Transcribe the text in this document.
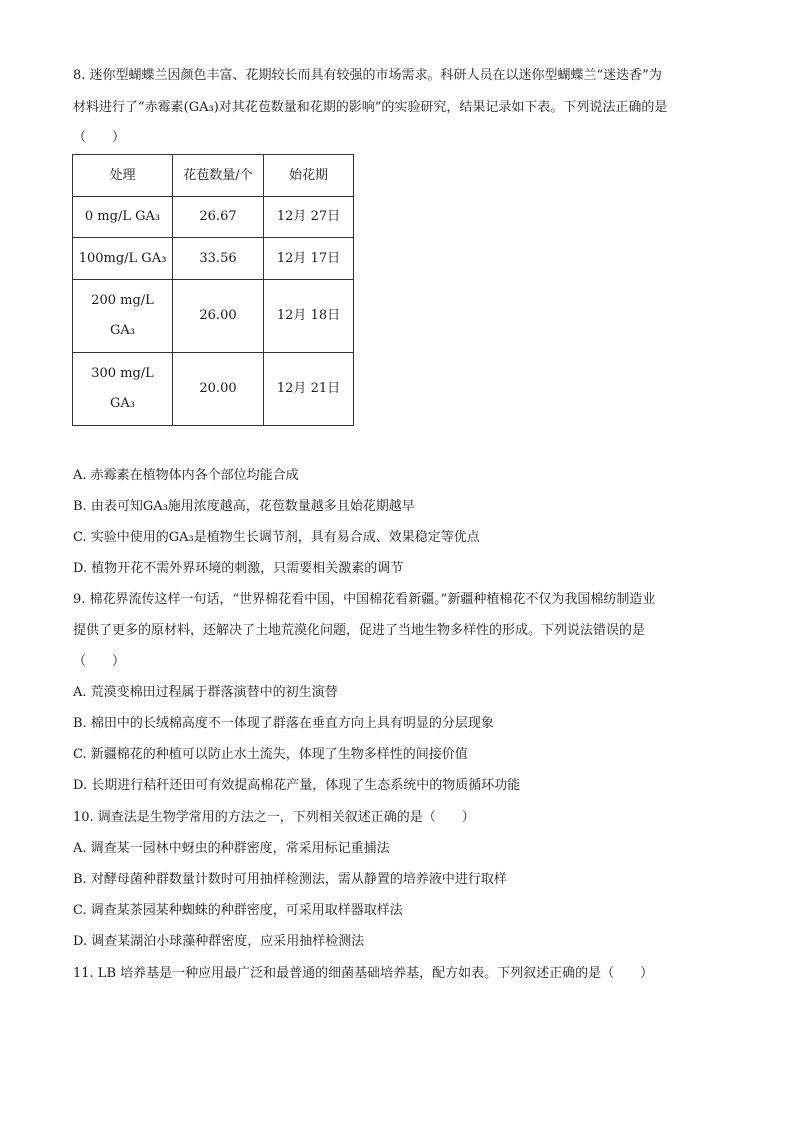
8. 迷你型蝴蝶兰因颜色丰富、花期较长而具有较强的市场需求。科研人员在以迷你型蝴蝶兰“迷迭香”为
材料进行了“赤霉素(GA₃)对其花苞数量和花期的影响”的实验研究，结果记录如下表。下列说法正确的是
（　　）
处理	花苞数量/个	始花期
0 mg/L GA₃	26.67	12月 27日
100mg/L GA₃	33.56	12月 17日

200 mg/L
GA₃	26.00	12月 18日

300 mg/L
GA₃	20.00	12月 21日
A. 赤霉素在植物体内各个部位均能合成
B. 由表可知GA₃施用浓度越高，花苞数量越多且始花期越早
C. 实验中使用的GA₃是植物生长调节剂，具有易合成、效果稳定等优点
D. 植物开花不需外界环境的刺激，只需要相关激素的调节
9. 棉花界流传这样一句话，“世界棉花看中国，中国棉花看新疆。”新疆种植棉花不仅为我国棉纺制造业
提供了更多的原材料，还解决了土地荒漠化问题，促进了当地生物多样性的形成。下列说法错误的是
（　　）
A. 荒漠变棉田过程属于群落演替中的初生演替
B. 棉田中的长绒棉高度不一体现了群落在垂直方向上具有明显的分层现象
C. 新疆棉花的种植可以防止水土流失，体现了生物多样性的间接价值
D. 长期进行秸秆还田可有效提高棉花产量，体现了生态系统中的物质循环功能
10. 调查法是生物学常用的方法之一，下列相关叙述正确的是（　　）
A. 调查某一园林中蚜虫的种群密度，常采用标记重捕法
B. 对酵母菌种群数量计数时可用抽样检测法，需从静置的培养液中进行取样
C. 调查某茶园某种蜘蛛的种群密度，可采用取样器取样法
D. 调查某湖泊小球藻种群密度，应采用抽样检测法
11. LB 培养基是一种应用最广泛和最普通的细菌基础培养基，配方如表。下列叙述正确的是（　　）
